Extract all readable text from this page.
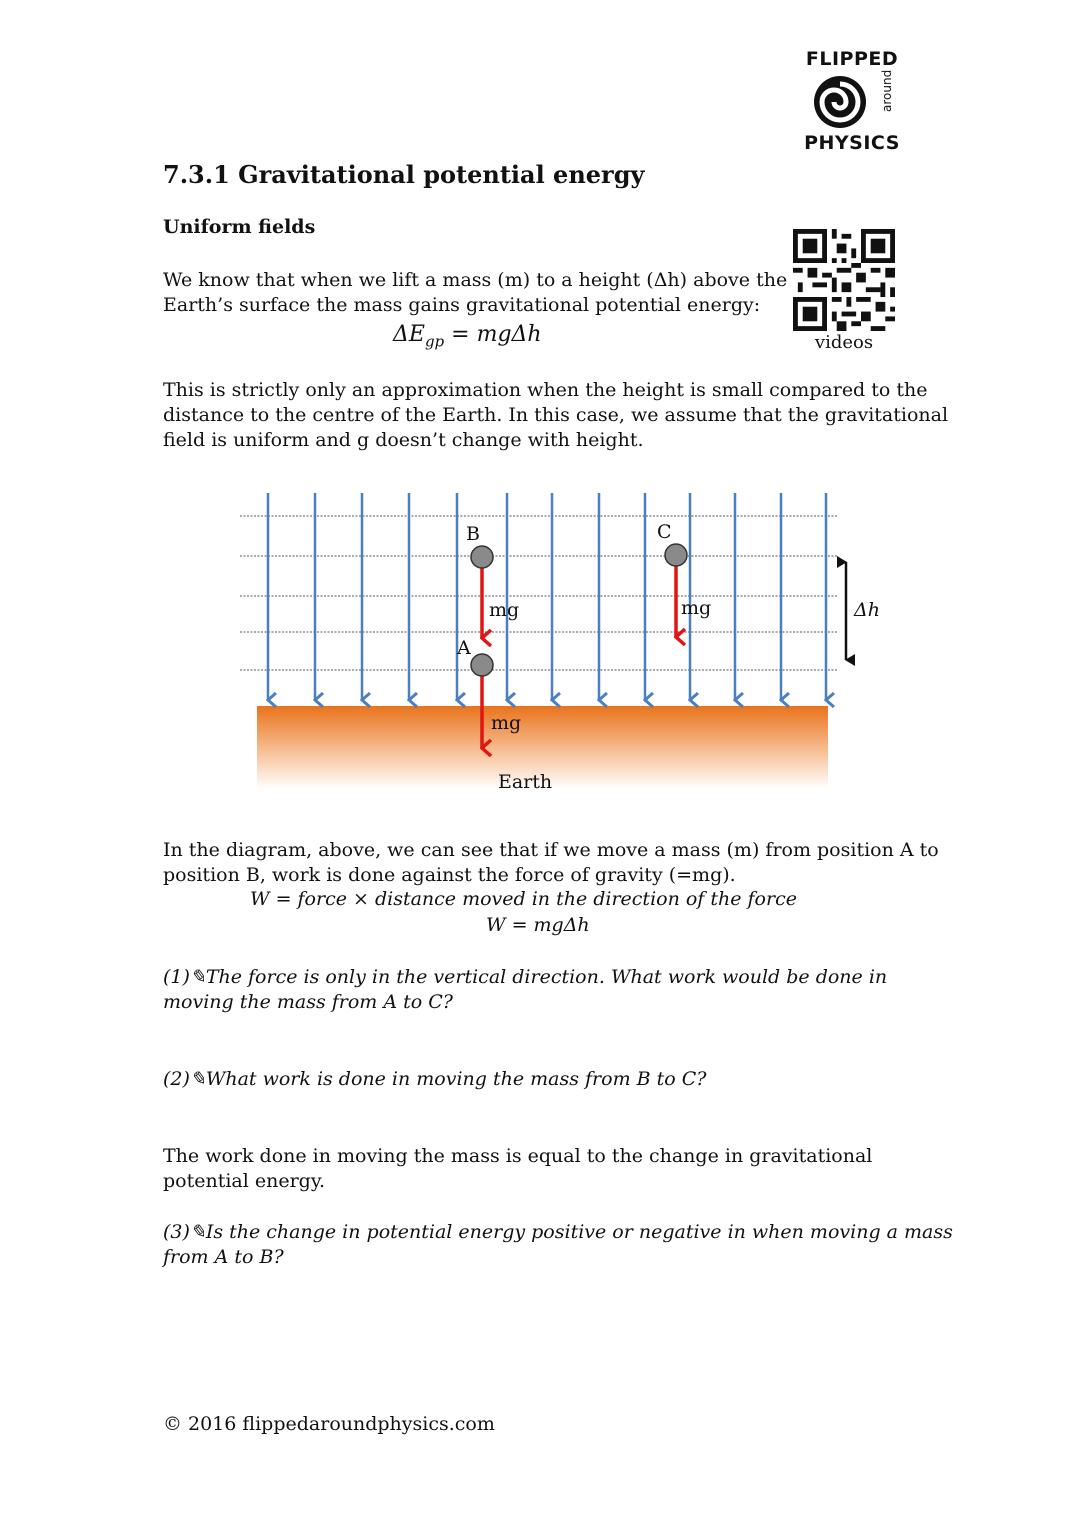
FLIPPED
around
PHYSICS
7.3.1 Gravitational potential energy
Uniform fields
We know that when we lift a mass (m) to a height (Δh) above the
Earth’s surface the mass gains gravitational potential energy:
$\Delta E_{gp} = mg\Delta h$	videos
This is strictly only an approximation when the height is small compared to the
distance to the centre of the Earth. In this case, we assume that the gravitational
field is uniform and g doesn’t change with height.
B	C
A
mg	mg
mg
Δh
Earth
In the diagram, above, we can see that if we move a mass (m) from position A to
position B, work is done against the force of gravity (=mg).
W = force × distance moved in the direction of the force
W = mgΔh
(1)✎The force is only in the vertical direction. What work would be done in
moving the mass from A to C?
(2)✎What work is done in moving the mass from B to C?
The work done in moving the mass is equal to the change in gravitational
potential energy.
(3)✎Is the change in potential energy positive or negative in when moving a mass
from A to B?
© 2016 flippedaroundphysics.com
